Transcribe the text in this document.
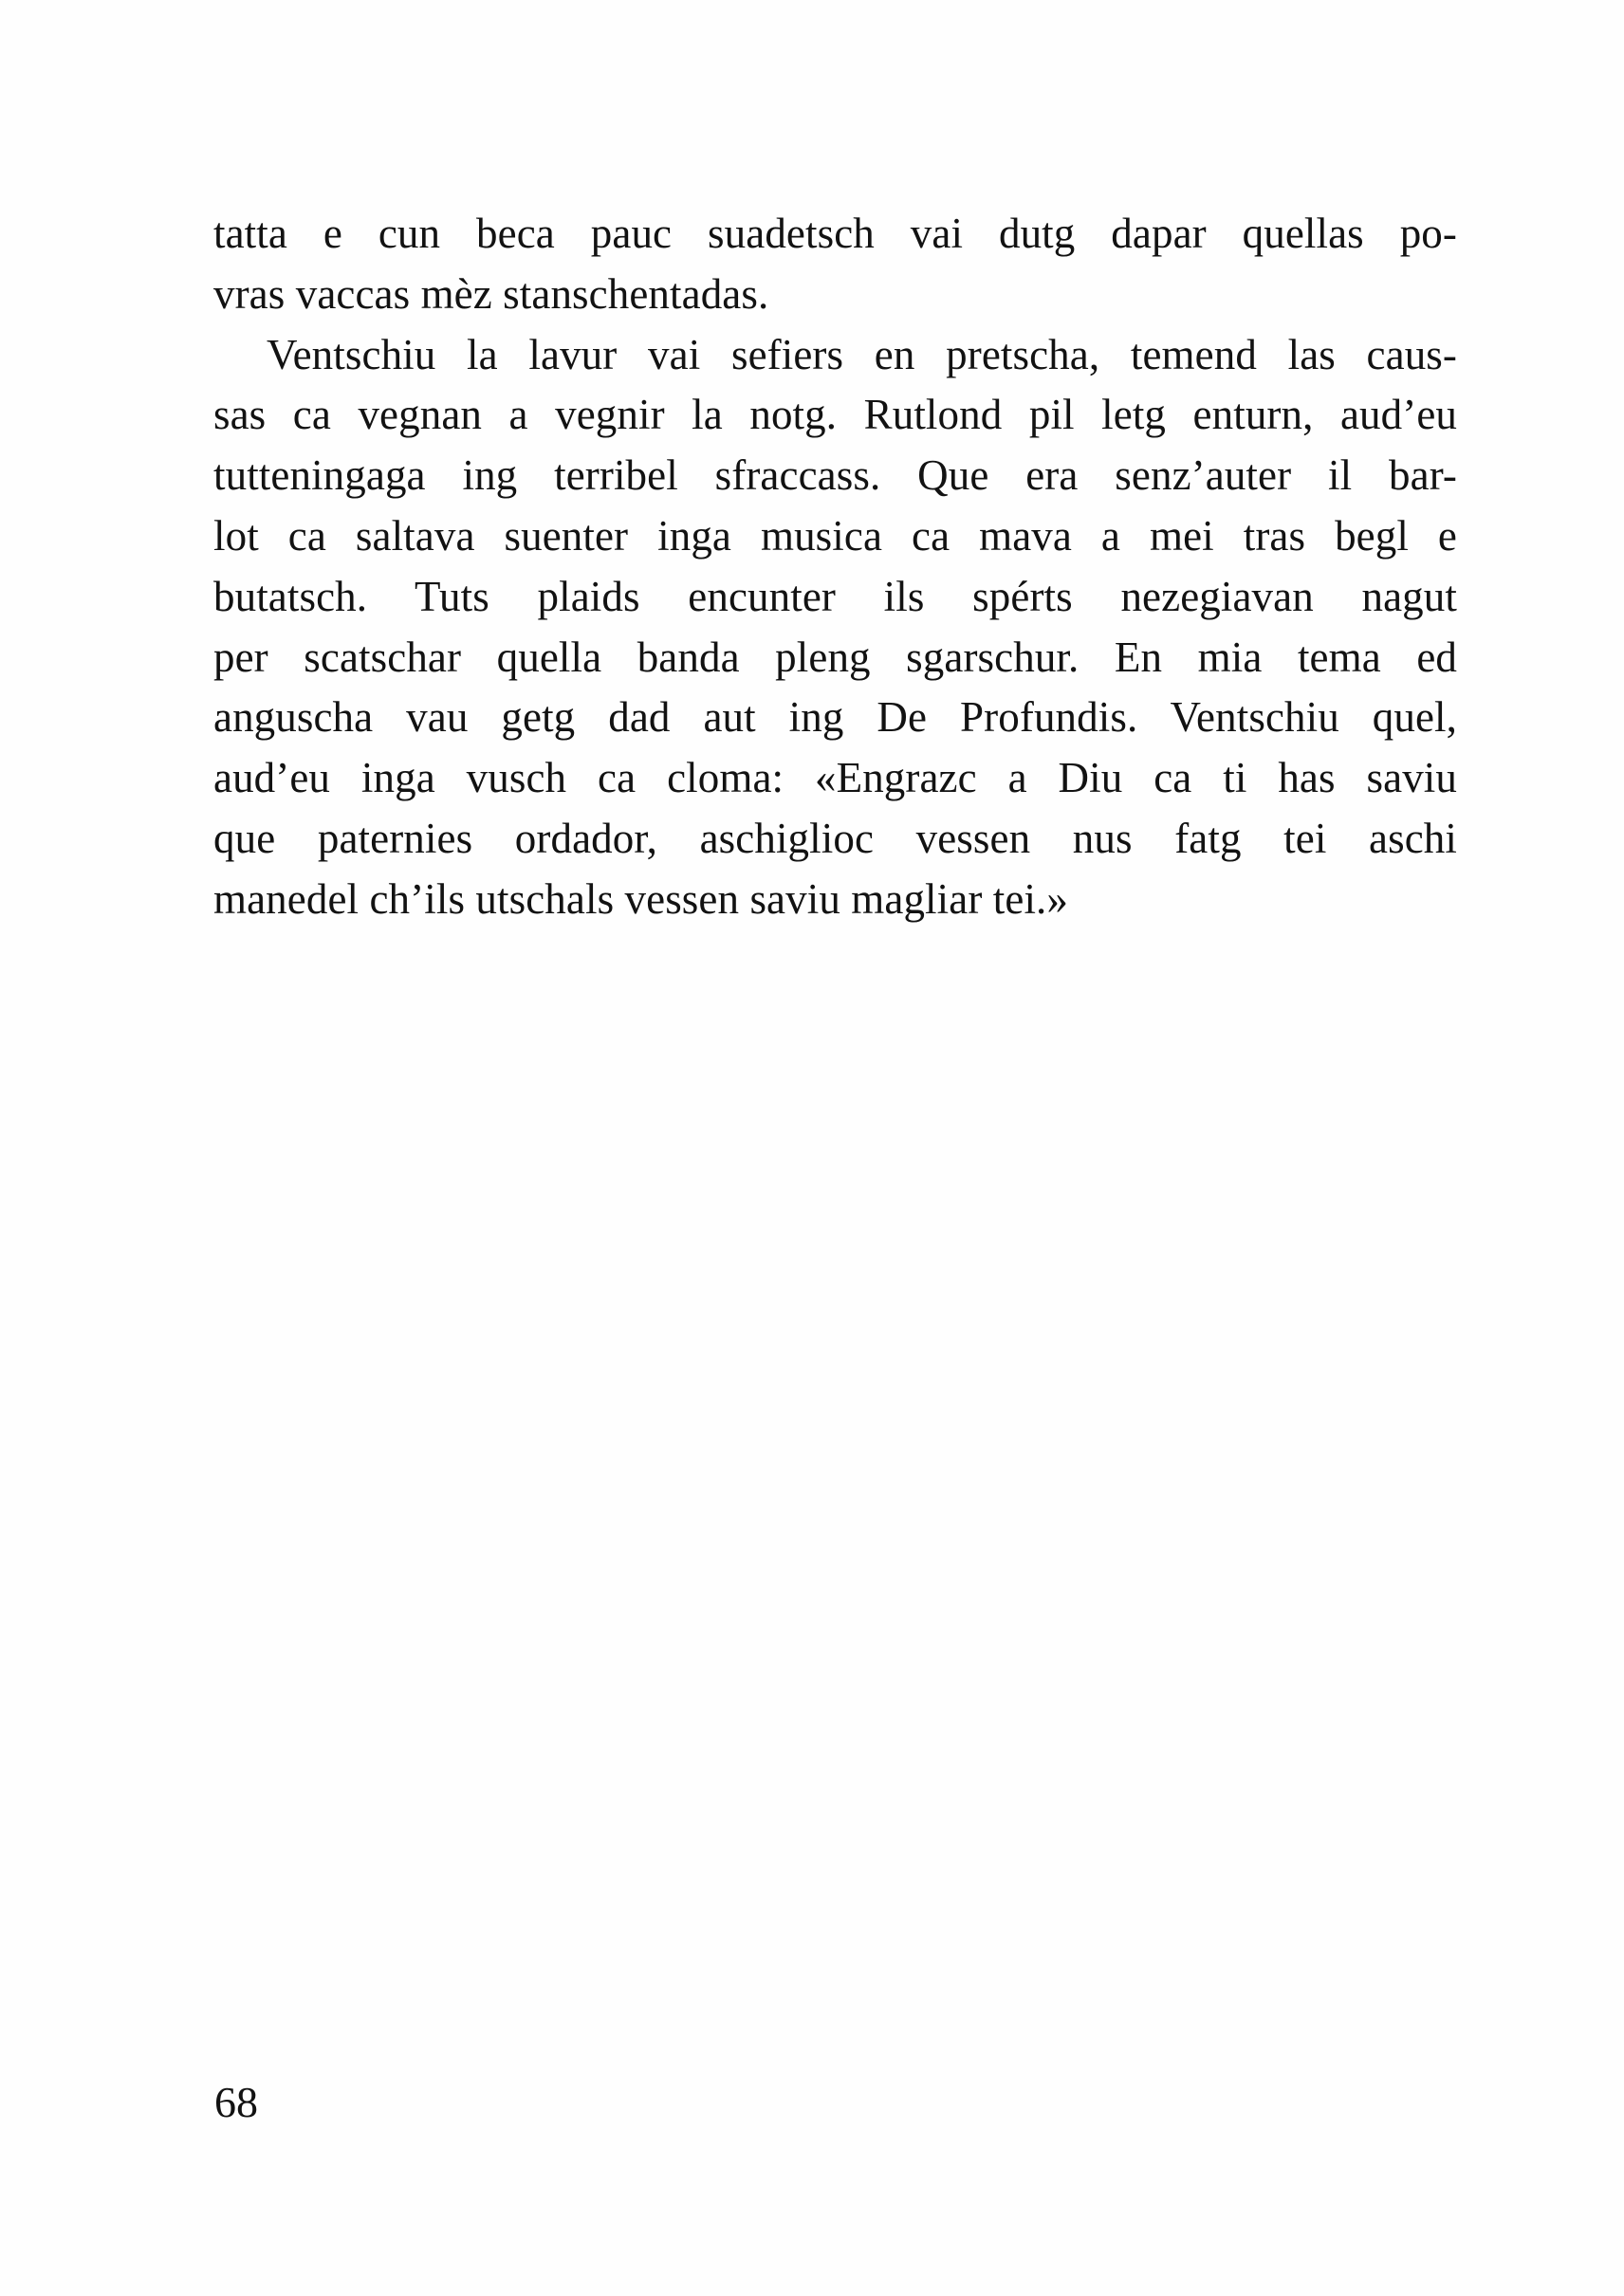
tatta e cun beca pauc suadetsch vai dutg dapar quellas po-
vras vaccas mèz stanschentadas.

Ventschiu la lavur vai sefiers en pretscha, temend las caus-
sas ca vegnan a vegnir la notg. Rutlond pil letg enturn, aud’eu
tutteningaga ing terribel sfraccass. Que era senz’auter il bar-
lot ca saltava suenter inga musica ca mava a mei tras begl e
butatsch. Tuts plaids encunter ils spérts nezegiavan nagut
per scatschar quella banda pleng sgarschur. En mia tema ed
anguscha vau getg dad aut ing De Profundis. Ventschiu quel,
aud’eu inga vusch ca cloma: «Engrazc a Diu ca ti has saviu
que paternies ordador, aschiglioc vessen nus fatg tei aschi
manedel ch’ils utschals vessen saviu magliar tei.»

68
